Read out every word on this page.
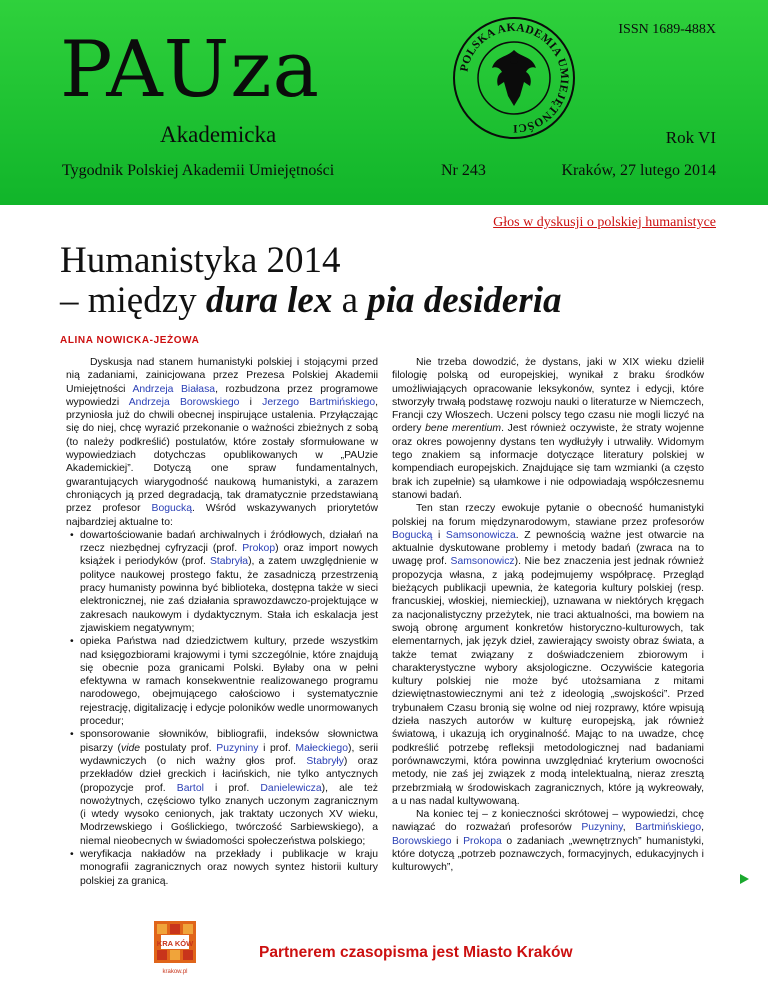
PAUza
Akademicka
Tygodnik Polskiej Akademii Umiejętności
ISSN 1689-488X
Rok VI
Nr 243	Kraków, 27 lutego 2014
POLSKA AKADEMIA UMIEJĘTNOŚCI
Głos w dyskusji o polskiej humanistyce
Humanistyka 2014
– między dura lex a pia desideria
ALINA NOWICKA-JEŻOWA

Dyskusja nad stanem humanistyki polskiej i stojącymi przed nią zadaniami, zainicjowana przez Prezesa Polskiej Akademii Umiejętności Andrzeja Białasa, rozbudzona przez programowe wypowiedzi Andrzeja Borowskiego i Jerzego Bartmińskiego, przyniosła już do chwili obecnej inspirujące ustalenia. Przyłączając się do niej, chcę wyrazić przekonanie o ważności zbieżnych z sobą (to należy podkreślić) postulatów, które zostały sformułowane w wypowiedziach dotychczas opublikowanych w „PAUzie Akademickiej”. Dotyczą one spraw fundamentalnych, gwarantujących wiarygodność naukową humanistyki, a zarazem chroniących ją przed degradacją, tak dramatycznie przedstawianą przez profesor Bogucką. Wśród wskazywanych priorytetów najbardziej aktualne to:

• dowartościowanie badań archiwalnych i źródłowych, działań na rzecz niezbędnej cyfryzacji (prof. Prokop) oraz import nowych książek i periodyków (prof. Stabryła), a zatem uwzględnienie w polityce naukowej prostego faktu, że zasadniczą przestrzenią pracy humanisty powinna być biblioteka, dostępna także w sieci elektronicznej, nie zaś działania sprawozdawczo-projektujące w zakresach naukowym i dydaktycznym. Stała ich eskalacja jest zjawiskiem negatywnym;
• opieka Państwa nad dziedzictwem kultury, przede wszystkim nad księgozbiorami krajowymi i tymi szczególnie, które znajdują się obecnie poza granicami Polski. Byłaby ona w pełni efektywna w ramach konsekwentnie realizowanego programu narodowego, obejmującego całościowo i systematycznie rejestrację, digitalizację i edycje poloników wedle unormowanych procedur;
• sponsorowanie słowników, bibliografii, indeksów słownictwa pisarzy (vide postulaty prof. Puzyniny i prof. Małeckiego), serii wydawniczych (o nich ważny głos prof. Stabryły) oraz przekładów dzieł greckich i łacińskich, nie tylko antycznych (propozycje prof. Bartol i prof. Danielewicza), ale też nowożytnych, częściowo tylko znanych uczonym zagranicznym (i wtedy wysoko cenionych, jak traktaty uczonych XV wieku, Modrzewskiego i Goślickiego, twórczość Sarbiewskiego), a niemal nieobecnych w świadomości społeczeństwa polskiego;
• weryfikacja nakładów na przekłady i publikacje w kraju monografii zagranicznych oraz nowych syntez historii kultury polskiej za granicą.

Nie trzeba dowodzić, że dystans, jaki w XIX wieku dzielił filologię polską od europejskiej, wynikał z braku środków umożliwiających opracowanie leksykonów, syntez i edycji, które stworzyły trwałą podstawę rozwoju nauki o literaturze w Niemczech, Francji czy Włoszech. Uczeni polscy tego czasu nie mogli liczyć na ordery bene merentium. Jest również oczywiste, że straty wojenne oraz okres powojenny dystans ten wydłużyły i utrwaliły. Widomym tego znakiem są informacje dotyczące literatury polskiej w kompendiach europejskich. Znajdujące się tam wzmianki (a często brak ich zupełnie) są ułamkowe i nie odpowiadają współczesnemu stanowi badań.

Ten stan rzeczy ewokuje pytanie o obecność humanistyki polskiej na forum międzynarodowym, stawiane przez profesorów Bogucką i Samsonowicza. Z pewnością ważne jest otwarcie na aktualnie dyskutowane problemy i metody badań (zwraca na to uwagę prof. Samsonowicz). Nie bez znaczenia jest jednak również propozycja własna, z jaką podejmujemy współpracę. Przegląd bieżących publikacji upewnia, że kategoria kultury polskiej (resp. francuskiej, włoskiej, niemieckiej), uznawana w niektórych kręgach za nacjonalistyczny przeżytek, nie traci aktualności, ma bowiem na swoją obronę argument konkretów historyczno-kulturowych, tak elementarnych, jak język dzieł, zawierający swoisty obraz świata, a także temat związany z doświadczeniem zbiorowym i charakterystyczne wybory aksjologiczne. Oczywiście kategoria kultury polskiej nie może być utożsamiana z mitami dziewiętnastowiecznymi ani też z ideologią „swojskości”. Przed trybunałem Czasu bronią się wolne od niej rozprawy, które wpisują dzieła naszych autorów w kulturę europejską, jak również światową, i ukazują ich oryginalność. Mając to na uwadze, chcę podkreślić potrzebę refleksji metodologicznej nad badaniami porównawczymi, która powinna uwzględniać kryterium owocności metody, nie zaś jej związek z modą intelektualną, nieraz zresztą przebrzmiałą w środowiskach zagranicznych, które ją wykreowały, a u nas nadal kultywowaną.

Na koniec tej – z konieczności skrótowej – wypowiedzi, chcę nawiązać do rozważań profesorów Puzyniny, Bartmińskiego, Borowskiego i Prokopa o zadaniach „wewnętrznych” humanistyki, które dotyczą „potrzeb poznawczych, formacyjnych, edukacyjnych i kulturowych”,

KRA KÓW
krakow.pl
Partnerem czasopisma jest Miasto Kraków
